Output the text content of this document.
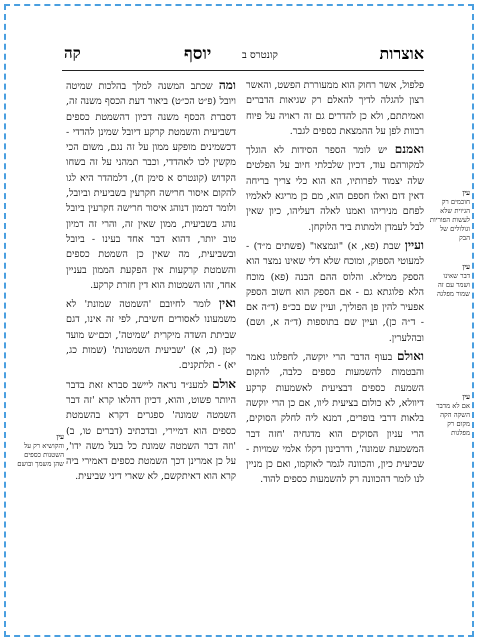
קה	יוסף	קונטרס ב	אוצרות

פלפול, אשר רחוק הוא ממעוררת הפשט, והאשר רצון להגלה לדיך להאלם רק שגיאות הדברים ואמיתתם, ולא כן להדרים גם זה ראויה על פיוח רבוות לפן על ההמצאת כספים לגבר.

ואמנם יש לומר הספר הסידות לא הוגלך למקורהם עוד, דכיון שלבלתי חיוב על הפלטים שלה יצמוד לפרותיו, הא הוא כלי צריך בריחה דאין דום ואלו חספם הוא, מם כן מריגא לאלמיו לפחם מניריהו ואמנו לאלה דעליהו, כיון שאין לבל לעמדן ולמתות ביד הלוקחן.

ועיין שבת (פא, א) "ונמצאו" (פשתים מ״ד) - למעוטי הספוק, ומוכח שלא דלי שאינו נמצר הוא הספק ממילא. והלוס ההם הבנה (פא) מוכח הלא פלוגתא גם - אם הספק הוא חשוב הספק אפעיר להין פן הפוליך, ועיין שם בכ״פ (ד״ה אם - ד״ה כן), ועיין שם בתוספות (ד״ה א, ושם) ובהלערין.

ואולם בעוף הדבר הרי יוקשה, לחפלוגו נאמר והבטמות להשמעות כספים כלבה, להקום השמעת כספים דבציעית לאשמעות קרקע דיוולא, לא כולום בציעית ליוו, אם כן הרי יוקשה בלאות דרבי בופרים, דמנא ליה לחלק הסוקים, הרי עניון הסוקים הוא מדגחיה 'חזה דבר המשמעת שמונה', ודרבינון דקלו אלמי שמויות - שביעית כיון, והכוונה לגמר לאוקמו, ואם כן מניין לנו לומר דהכוונה רק להשמעות כספים להוד.

ומה שכתב המשנה למלך בהלכות שמיטה ויובל (פ״ט הכ״ט) ביאור דעת הכסף משנה זה, דסברת הכסף משנה דכיון דהשמטת כספים דשביעית והשמטת קרקע דיובל שמינן להדדי - דכשמינים מופקע ממון על זה נגם, משום הכי מקשין לכו לאהדדי, וכבר תמהני על זה בשחו הקדוש (קונטרס א סימן ח), דלמהדר היא לגו להקום איסור חרישה חקרעין בשביעית וביובל, ולומר דממון דנוהג איסור חרישה חקרעין ביובל נוהג בשביעית, ממון שאין זה, והרי זה דמיון טוב יותר, דהוא דבר אחד בעינו - ביובל ובשביעית, מה שאין כן השמטת כספים והשמטת קרקעות אין הפקעת הממון בעניין אחד, זהו השמטות הוא דין חזרת קרקע.

ואין לומר לחיובם 'השמטה שמונת' לא משמעונו לאסורים חשיבת, לפי זה אינו, דגם שביתת השדה מיקרית 'שמיטה', וכם״ש מועד קטן (ב, א) 'שביעית השמטונת' (שמות כג, יא) - תלתקנים.

אולם למענ״ד נראה ליישב סברא זאת בדבר היותר פשוט, והוא, דכיון דהלאו קרא 'זה דבר השמטה שמונה' ספגרים דקרא בהשמטת כספים הוא דמיירי, ובדכתיב (דברים טו, ב) 'וזה דבר השמטה שמונת כל בעל משה ידו', על כן אמרינן דכך השמטת כספים דאמירי ביה קרא הוא דאיתקשם, לא שארי דיני שביעית.

עין
חוכמים רק הגיוית שלא לעשות הפוריות וגולולים של הבק
עין
דבר שאינו ושמר עם זה שמור מפלגה
עין
אם לא מדבר השקה הקה מקום רק מפלגות
עין
והקושיא רק על השטנות כספים שהן משמך ובושם
